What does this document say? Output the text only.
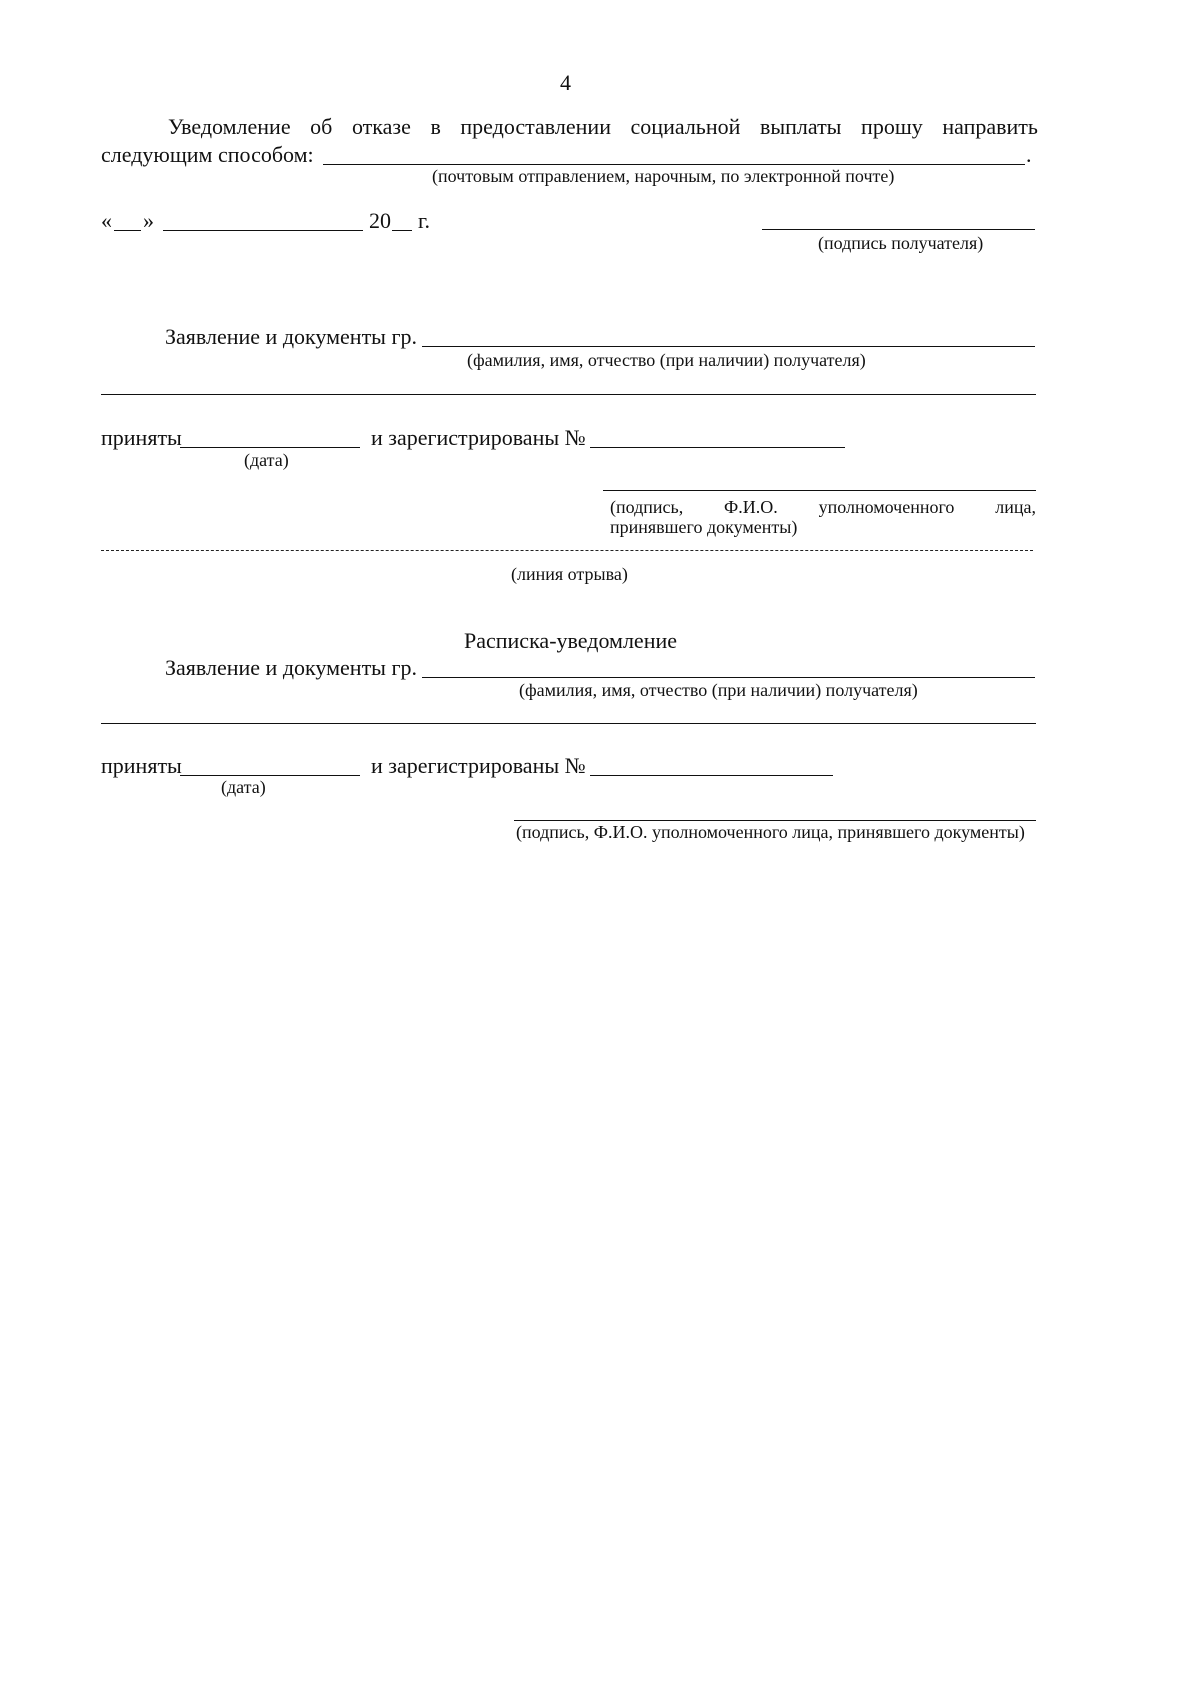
4
Уведомление об отказе в предоставлении социальной выплаты прошу направить
следующим способом:	.
(почтовым отправлением, нарочным, по электронной почте)
« »	20 г.
(подпись получателя)
Заявление и документы гр.
(фамилия, имя, отчество (при наличии) получателя)
приняты	и зарегистрированы №
(дата)
(подпись, Ф.И.О. уполномоченного лица,
принявшего документы)
(линия отрыва)
Расписка-уведомление
Заявление и документы гр.
(фамилия, имя, отчество (при наличии) получателя)
приняты	и зарегистрированы №
(дата)
(подпись, Ф.И.О. уполномоченного лица, принявшего документы)
